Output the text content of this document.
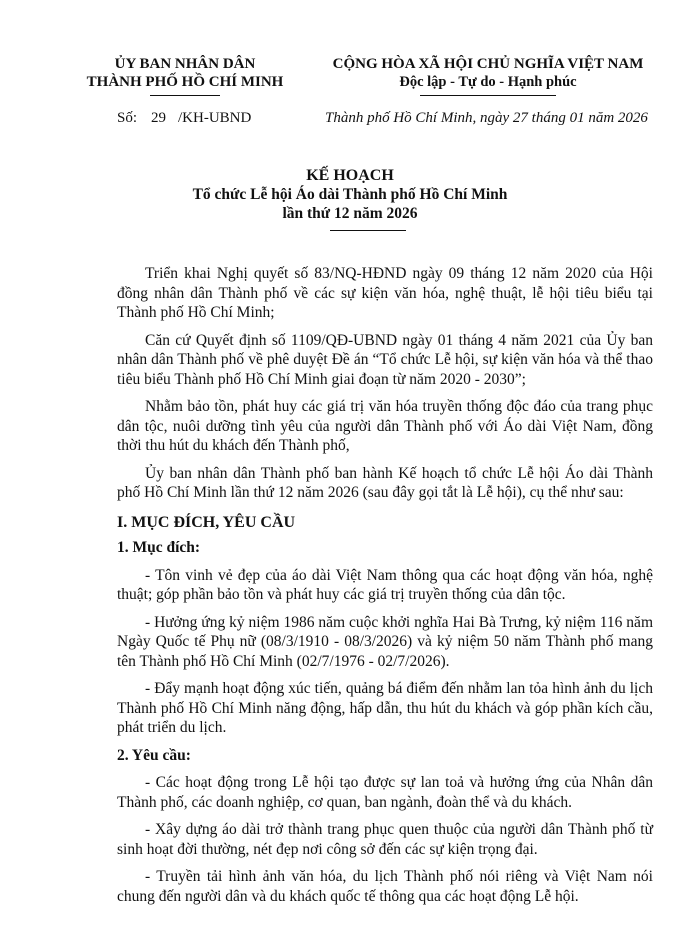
ỦY BAN NHÂN DÂN
THÀNH PHỐ HỒ CHÍ MINH
CỘNG HÒA XÃ HỘI CHỦ NGHĨA VIỆT NAM
Độc lập - Tự do - Hạnh phúc
Số: 29 /KH-UBND	Thành phố Hồ Chí Minh, ngày 27 tháng 01 năm 2026
KẾ HOẠCH
Tổ chức Lễ hội Áo dài Thành phố Hồ Chí Minh
lần thứ 12 năm 2026

Triển khai Nghị quyết số 83/NQ-HĐND ngày 09 tháng 12 năm 2020 của Hội đồng nhân dân Thành phố về các sự kiện văn hóa, nghệ thuật, lễ hội tiêu biểu tại Thành phố Hồ Chí Minh;

Căn cứ Quyết định số 1109/QĐ-UBND ngày 01 tháng 4 năm 2021 của Ủy ban nhân dân Thành phố về phê duyệt Đề án “Tổ chức Lễ hội, sự kiện văn hóa và thể thao tiêu biểu Thành phố Hồ Chí Minh giai đoạn từ năm 2020 - 2030”;

Nhằm bảo tồn, phát huy các giá trị văn hóa truyền thống độc đáo của trang phục dân tộc, nuôi dưỡng tình yêu của người dân Thành phố với Áo dài Việt Nam, đồng thời thu hút du khách đến Thành phố,

Ủy ban nhân dân Thành phố ban hành Kế hoạch tổ chức Lễ hội Áo dài Thành phố Hồ Chí Minh lần thứ 12 năm 2026 (sau đây gọi tắt là Lễ hội), cụ thể như sau:

I. MỤC ĐÍCH, YÊU CẦU

1. Mục đích:

- Tôn vinh vẻ đẹp của áo dài Việt Nam thông qua các hoạt động văn hóa, nghệ thuật; góp phần bảo tồn và phát huy các giá trị truyền thống của dân tộc.

- Hưởng ứng kỷ niệm 1986 năm cuộc khởi nghĩa Hai Bà Trưng, kỷ niệm 116 năm Ngày Quốc tế Phụ nữ (08/3/1910 - 08/3/2026) và kỷ niệm 50 năm Thành phố mang tên Thành phố Hồ Chí Minh (02/7/1976 - 02/7/2026).

- Đẩy mạnh hoạt động xúc tiến, quảng bá điểm đến nhằm lan tỏa hình ảnh du lịch Thành phố Hồ Chí Minh năng động, hấp dẫn, thu hút du khách và góp phần kích cầu, phát triển du lịch.

2. Yêu cầu:

- Các hoạt động trong Lễ hội tạo được sự lan toả và hưởng ứng của Nhân dân Thành phố, các doanh nghiệp, cơ quan, ban ngành, đoàn thể và du khách.

- Xây dựng áo dài trở thành trang phục quen thuộc của người dân Thành phố từ sinh hoạt đời thường, nét đẹp nơi công sở đến các sự kiện trọng đại.

- Truyền tải hình ảnh văn hóa, du lịch Thành phố nói riêng và Việt Nam nói chung đến người dân và du khách quốc tế thông qua các hoạt động Lễ hội.
